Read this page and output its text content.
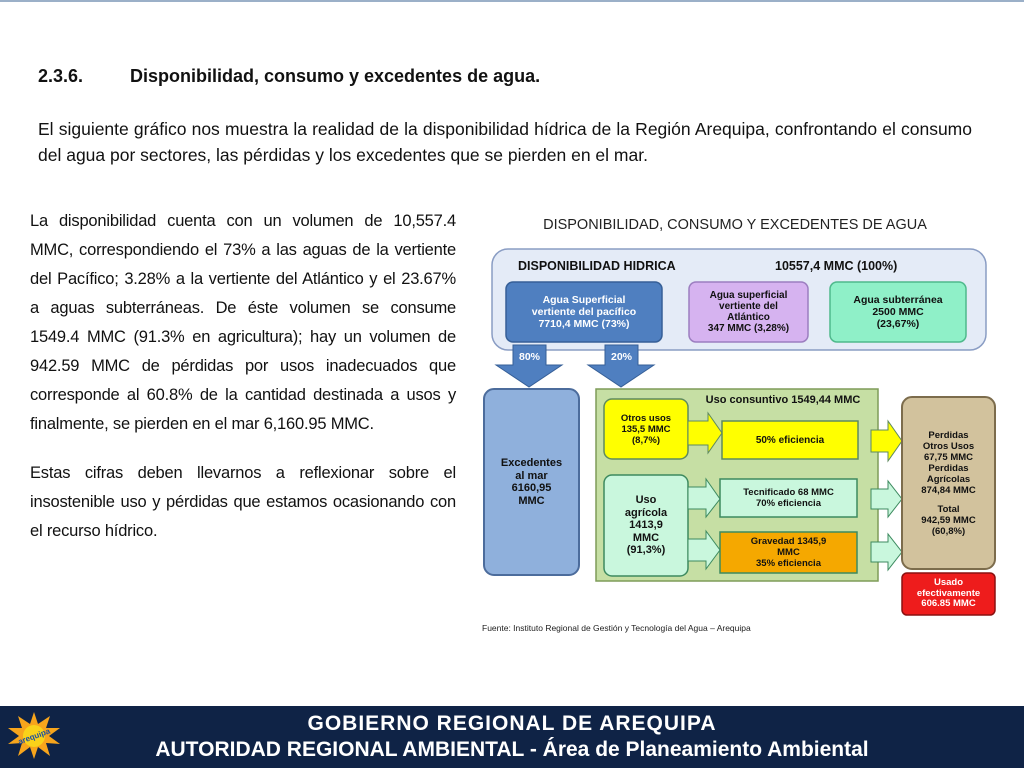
2.3.6.	Disponibilidad, consumo y excedentes de agua.
El siguiente gráfico nos muestra la realidad de la disponibilidad hídrica de la Región Arequipa, confrontando el consumo del agua por sectores, las pérdidas y los excedentes que se pierden en el mar.

La disponibilidad cuenta con un volumen de 10,557.4 MMC, correspondiendo el 73% a las aguas de la vertiente del Pacífico; 3.28% a la vertiente del Atlántico y el 23.67% a aguas subterráneas. De éste volumen se consume 1549.4 MMC (91.3% en agricultura); hay un volumen de 942.59 MMC de pérdidas por usos inadecuados que corresponde al 60.8% de la cantidad destinada a usos y finalmente, se pierden en el mar 6,160.95 MMC.

Estas cifras deben llevarnos a reflexionar sobre el insostenible uso y pérdidas que estamos ocasionando con el recurso hídrico.

DISPONIBILIDAD, CONSUMO Y EXCEDENTES DE AGUA
DISPONIBILIDAD HIDRICA	10557,4 MMC (100%)
Fuente: Instituto Regional de Gestión y Tecnología del Agua – Arequipa
Agua Superficial
vertiente del pacífico
7710,4 MMC (73%)
Agua superficial
vertiente del
Atlántico
347 MMC (3,28%)
Agua subterránea
2500 MMC
(23,67%)
80%	20%
Excedentes
al mar
6160,95
MMC
Uso consuntivo 1549,44 MMC
Otros usos
135,5 MMC
(8,7%)	50% eficiencia
Uso
agrícola
1413,9
MMC
(91,3%)
Tecnificado 68 MMC
70% eficiencia
Gravedad 1345,9
MMC
35% eficiencia
Perdidas
Otros Usos
67,75 MMC
Perdidas
Agrícolas
874,84 MMC
Total
942,59 MMC
(60,8%)
Usado
efectivamente
606.85 MMC
arequipa
GOBIERNO REGIONAL DE AREQUIPA
AUTORIDAD REGIONAL AMBIENTAL - Área de Planeamiento Ambiental
